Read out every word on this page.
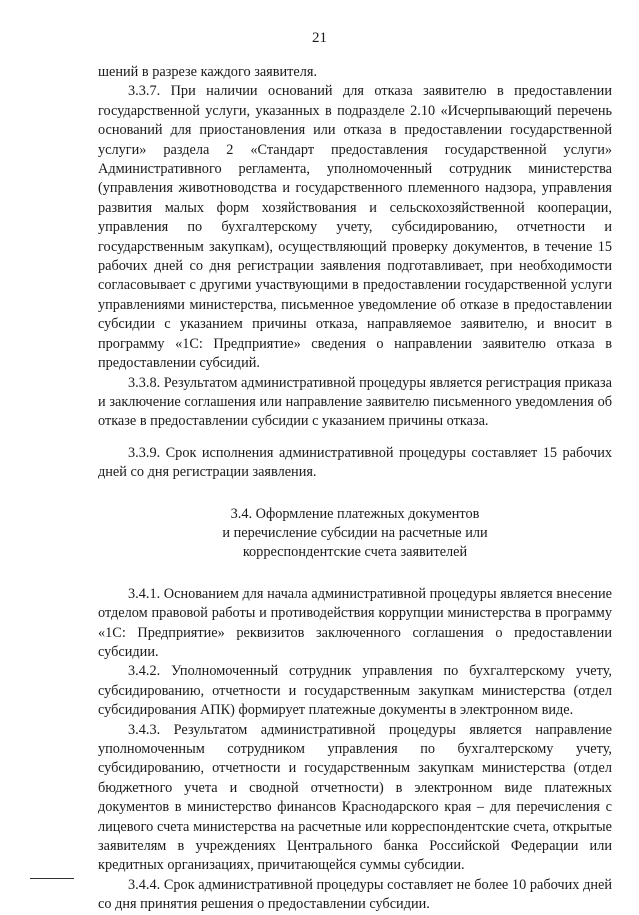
21

шений в разрезе каждого заявителя.

3.3.7. При наличии оснований для отказа заявителю в предоставлении государственной услуги, указанных в подразделе 2.10 «Исчерпывающий перечень оснований для приостановления или отказа в предоставлении государственной услуги» раздела 2 «Стандарт предоставления государственной услуги» Административного регламента, уполномоченный сотрудник министерства (управления животноводства и государственного племенного надзора, управления развития малых форм хозяйствования и сельскохозяйственной кооперации, управления по бухгалтерскому учету, субсидированию, отчетности и государственным закупкам), осуществляющий проверку документов, в течение 15 рабочих дней со дня регистрации заявления подготавливает, при необходимости согласовывает с другими участвующими в предоставлении государственной услуги управлениями министерства, письменное уведомление об отказе в предоставлении субсидии с указанием причины отказа, направляемое заявителю, и вносит в программу «1С: Предприятие» сведения о направлении заявителю отказа в предоставлении субсидий.

3.3.8. Результатом административной процедуры является регистрация приказа и заключение соглашения или направление заявителю письменного уведомления об отказе в предоставлении субсидии с указанием причины отказа.

3.3.9. Срок исполнения административной процедуры составляет 15 рабочих дней со дня регистрации заявления.

3.4. Оформление платежных документов
и перечисление субсидии на расчетные или
корреспондентские счета заявителей

3.4.1. Основанием для начала административной процедуры является внесение отделом правовой работы и противодействия коррупции министерства в программу «1С: Предприятие» реквизитов заключенного соглашения о предоставлении субсидии.

3.4.2. Уполномоченный сотрудник управления по бухгалтерскому учету, субсидированию, отчетности и государственным закупкам министерства (отдел субсидирования АПК) формирует платежные документы в электронном виде.

3.4.3. Результатом административной процедуры является направление уполномоченным сотрудником управления по бухгалтерскому учету, субсидированию, отчетности и государственным закупкам министерства (отдел бюджетного учета и сводной отчетности) в электронном виде платежных документов в министерство финансов Краснодарского края – для перечисления с лицевого счета министерства на расчетные или корреспондентские счета, открытые заявителям в учреждениях Центрального банка Российской Федерации или кредитных организациях, причитающейся суммы субсидии.

3.4.4. Срок административной процедуры составляет не более 10 рабочих дней со дня принятия решения о предоставлении субсидии.
